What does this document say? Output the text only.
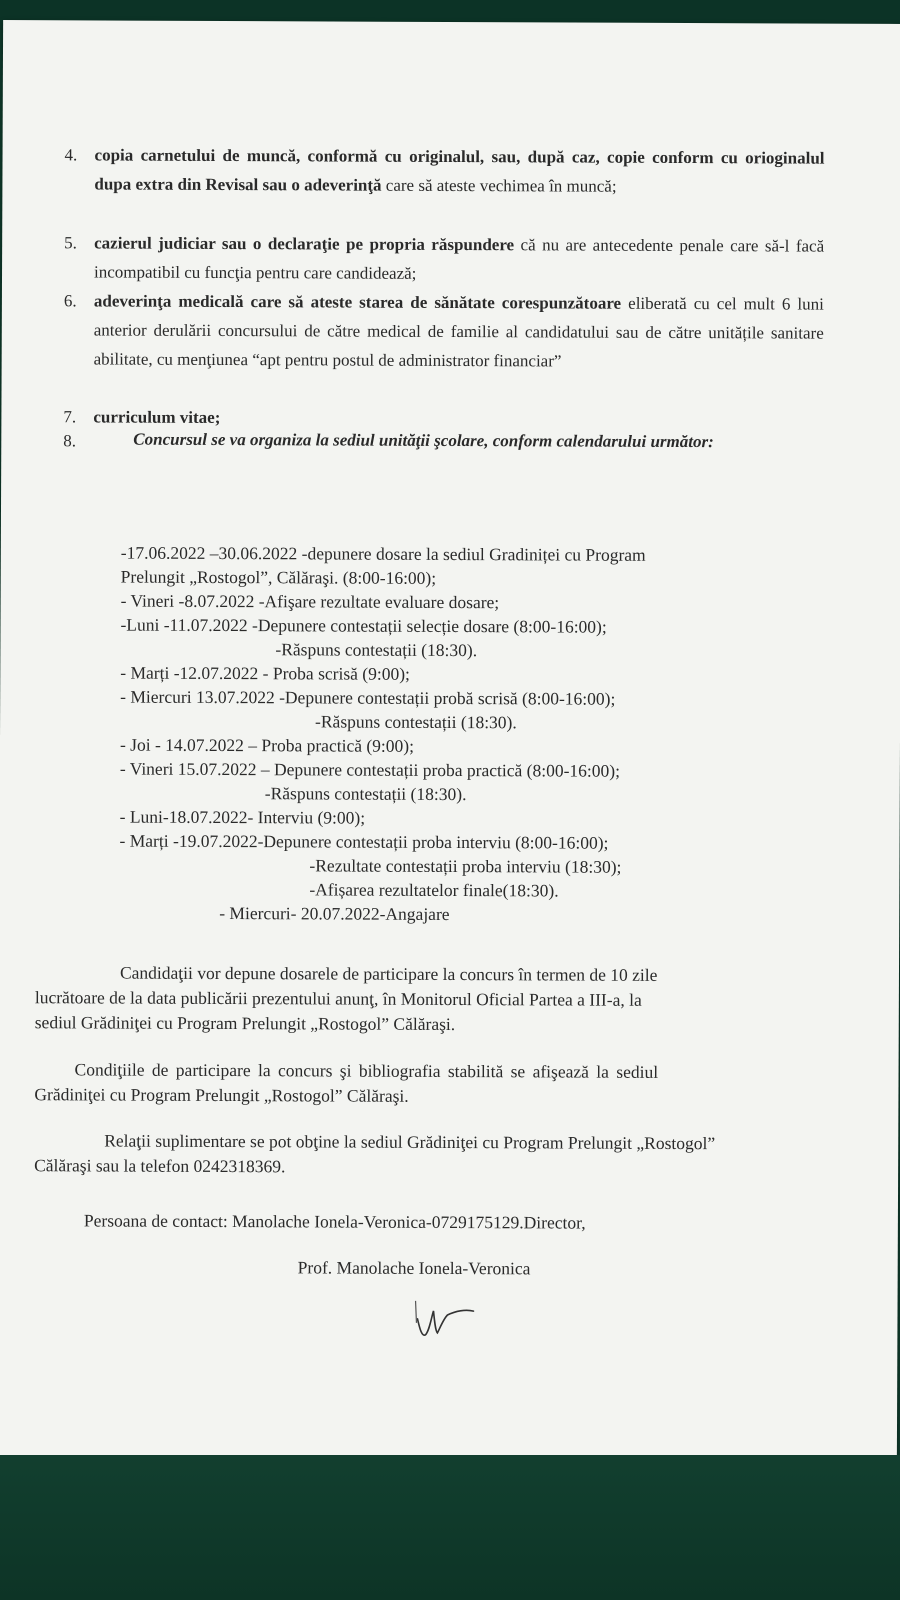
4.	copia carnetului de muncă, conformă cu originalul, sau, după caz, copie conform cu orioginalul dupa extra din Revisal sau o adeverinţă care să ateste vechimea în muncă;
5.	cazierul judiciar sau o declaraţie pe propria răspundere că nu are antecedente penale care să-l facă incompatibil cu funcţia pentru care candidează;
6.	adeverinţa medicală care să ateste starea de sănătate corespunzătoare eliberată cu cel mult 6 luni anterior derulării concursului de către medical de familie al candidatului sau de către unitățile sanitare abilitate, cu menţiunea “apt pentru postul de administrator financiar”
7.	curriculum vitae;
8.	Concursul se va organiza la sediul unităţii şcolare, conform calendarului următor:
-17.06.2022 –30.06.2022 -depunere dosare la sediul Gradiniței cu Program
Prelungit „Rostogol”, Călăraşi. (8:00-16:00);
- Vineri -8.07.2022 -Afişare rezultate evaluare dosare;
-Luni -11.07.2022 -Depunere contestații selecție dosare (8:00-16:00);
-Răspuns contestații (18:30).
- Marți -12.07.2022 - Proba scrisă (9:00);
- Miercuri 13.07.2022 -Depunere contestații probă scrisă (8:00-16:00);
-Răspuns contestații (18:30).
- Joi - 14.07.2022 – Proba practică (9:00);
- Vineri 15.07.2022 – Depunere contestații proba practică (8:00-16:00);
-Răspuns contestații (18:30).
- Luni-18.07.2022- Interviu (9:00);
- Marți -19.07.2022-Depunere contestații proba interviu (8:00-16:00);
-Rezultate contestații proba interviu (18:30);
-Afișarea rezultatelor finale(18:30).
- Miercuri- 20.07.2022-Angajare
Candidaţii vor depune dosarele de participare la concurs în termen de 10 zile
lucrătoare de la data publicării prezentului anunţ, în Monitorul Oficial Partea a III-a, la
sediul Grădiniţei cu Program Prelungit „Rostogol” Călăraşi.
Condiţiile de participare la concurs şi bibliografia stabilită se afişează la sediul
Grădiniţei cu Program Prelungit „Rostogol” Călăraşi.
Relaţii suplimentare se pot obţine la sediul Grădiniţei cu Program Prelungit „Rostogol”
Călăraşi sau la telefon 0242318369.
Persoana de contact: Manolache Ionela-Veronica-0729175129.Director,
Prof. Manolache Ionela-Veronica
